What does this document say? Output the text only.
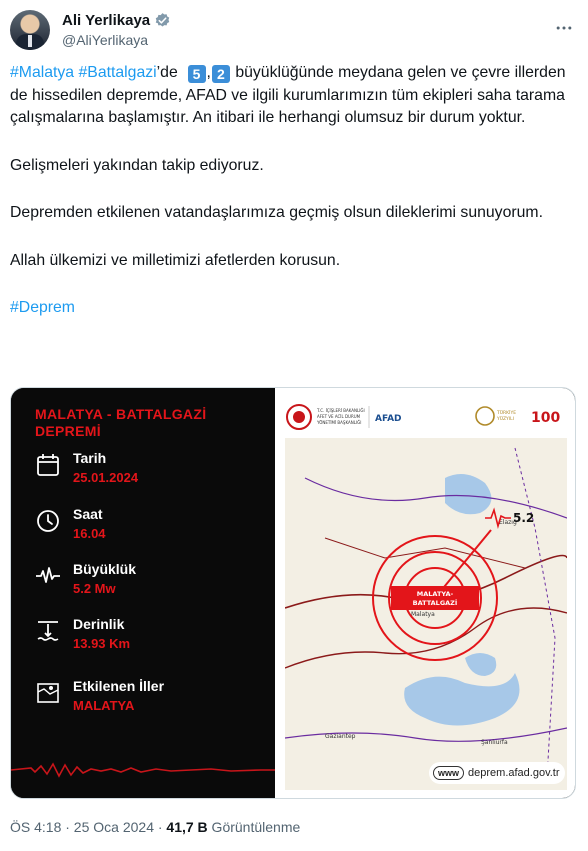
Ali Yerlikaya
@AliYerlikaya

#Malatya #Battalgazi’de 5 , 2 büyüklüğünde meydana gelen ve çevre illerden de hissedilen depremde, AFAD ve ilgili kurumlarımızın tüm ekipleri saha tarama çalışmalarına başlamıştır. An itibari ile herhangi olumsuz bir durum yoktur.

Gelişmeleri yakından takip ediyoruz.

Depremden etkilenen vatandaşlarımıza geçmiş olsun dileklerimi sunuyorum.

Allah ülkemizi ve milletimizi afetlerden korusun.

#Deprem

MALATYA - BATTALGAZİ DEPREMİ
Tarih
25.01.2024
Saat
16.04
Büyüklük
5.2 Mw
Derinlik
13.93 Km
Etkilenen İller
MALATYA
T.C. İÇİŞLERİ BAKANLIĞI
AFET VE ACİL DURUM
YÖNETİMİ BAŞKANLIĞI AFAD
TÜRKİYE
YÜZYILI 100
Elazığ
Malatya
Gaziantep
Şanlıurfa
MALATYA-
BATTALGAZİ
5.2
www deprem.afad.gov.tr
ÖS 4:18 · 25 Oca 2024 · 41,7 B Görüntülenme
